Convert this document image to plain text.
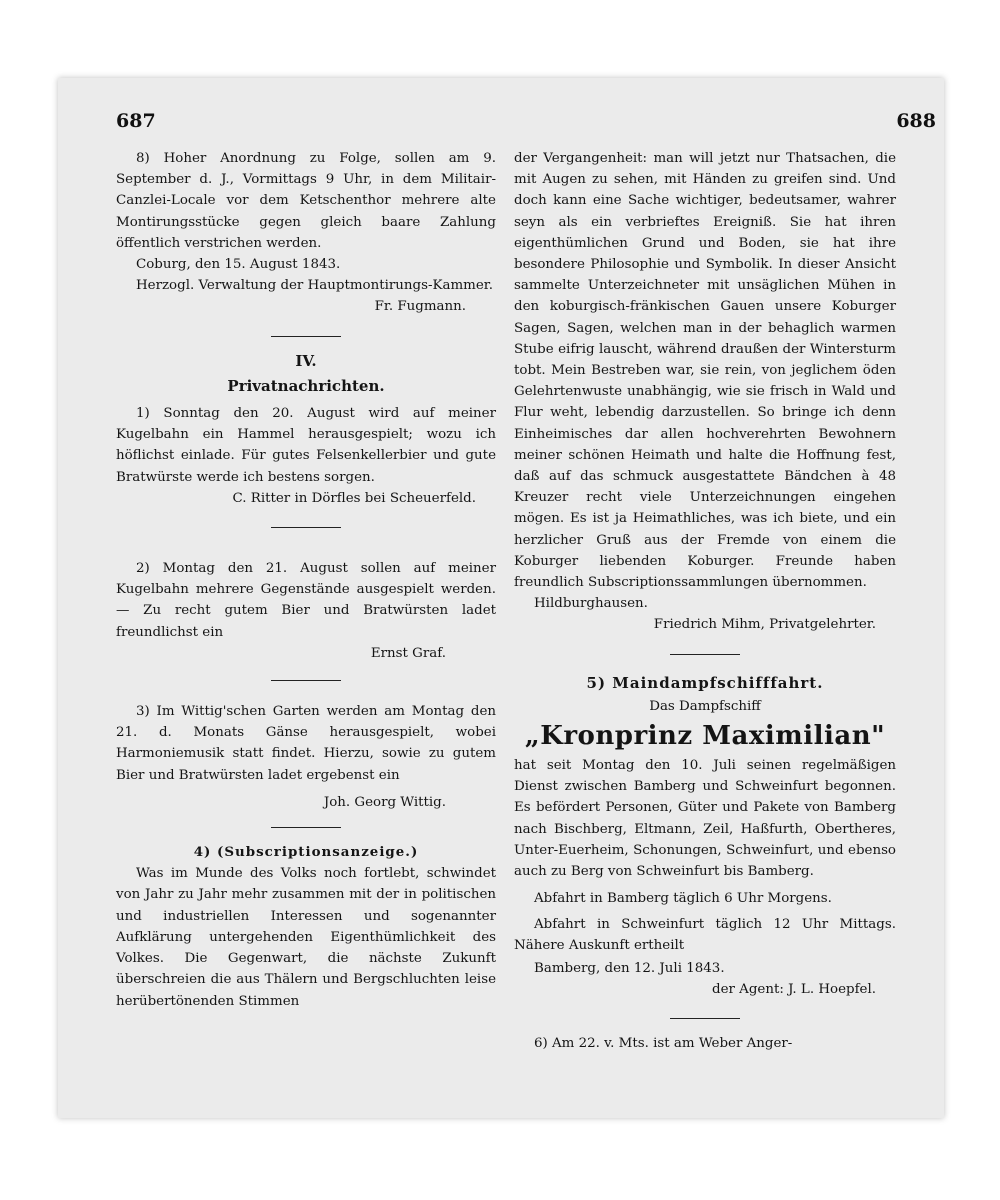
687	688

8) Hoher Anordnung zu Folge, sollen am 9. September d. J., Vormittags 9 Uhr, in dem Militair-Canzlei-Locale vor dem Ketschenthor mehrere alte Montirungsstücke gegen gleich baare Zahlung öffentlich verstrichen werden.

Coburg, den 15. August 1843.

Herzogl. Verwaltung der Hauptmontirungs-Kammer.

Fr. Fugmann.

IV.
Privatnachrichten.

1) Sonntag den 20. August wird auf meiner Kugelbahn ein Hammel herausgespielt; wozu ich höflichst einlade. Für gutes Felsenkellerbier und gute Bratwürste werde ich bestens sorgen.

C. Ritter in Dörfles bei Scheuerfeld.

2) Montag den 21. August sollen auf meiner Kugelbahn mehrere Gegenstände ausgespielt werden. — Zu recht gutem Bier und Bratwürsten ladet freundlichst ein

Ernst Graf.

3) Im Wittig'schen Garten werden am Montag den 21. d. Monats Gänse herausgespielt, wobei Harmoniemusik statt findet. Hierzu, sowie zu gutem Bier und Bratwürsten ladet ergebenst ein

Joh. Georg Wittig.

4) (Subscriptionsanzeige.)

Was im Munde des Volks noch fortlebt, schwindet von Jahr zu Jahr mehr zusammen mit der in politischen und industriellen Interessen und sogenannter Aufklärung untergehenden Eigenthümlichkeit des Volkes. Die Gegenwart, die nächste Zukunft überschreien die aus Thälern und Bergschluchten leise herübertönenden Stimmen

der Vergangenheit: man will jetzt nur Thatsachen, die mit Augen zu sehen, mit Händen zu greifen sind. Und doch kann eine Sache wichtiger, bedeutsamer, wahrer seyn als ein verbrieftes Ereigniß. Sie hat ihren eigenthümlichen Grund und Boden, sie hat ihre besondere Philosophie und Symbolik. In dieser Ansicht sammelte Unterzeichneter mit unsäglichen Mühen in den koburgisch-fränkischen Gauen unsere Koburger Sagen, Sagen, welchen man in der behaglich warmen Stube eifrig lauscht, während draußen der Wintersturm tobt. Mein Bestreben war, sie rein, von jeglichem öden Gelehrtenwuste unabhängig, wie sie frisch in Wald und Flur weht, lebendig darzustellen. So bringe ich denn Einheimisches dar allen hochverehrten Bewohnern meiner schönen Heimath und halte die Hoffnung fest, daß auf das schmuck ausgestattete Bändchen à 48 Kreuzer recht viele Unterzeichnungen eingehen mögen. Es ist ja Heimathliches, was ich biete, und ein herzlicher Gruß aus der Fremde von einem die Koburger liebenden Koburger. Freunde haben freundlich Subscriptionssammlungen übernommen.

Hildburghausen.

Friedrich Mihm, Privatgelehrter.

5) Maindampfschifffahrt.

Das Dampfschiff

„Kronprinz Maximilian"

hat seit Montag den 10. Juli seinen regelmäßigen Dienst zwischen Bamberg und Schweinfurt begonnen. Es befördert Personen, Güter und Pakete von Bamberg nach Bischberg, Eltmann, Zeil, Haßfurth, Obertheres, Unter-Euerheim, Schonungen, Schweinfurt, und ebenso auch zu Berg von Schweinfurt bis Bamberg.

Abfahrt in Bamberg täglich 6 Uhr Morgens.

Abfahrt in Schweinfurt täglich 12 Uhr Mittags. Nähere Auskunft ertheilt

Bamberg, den 12. Juli 1843.

der Agent: J. L. Hoepfel.

6) Am 22. v. Mts. ist am Weber Anger-
